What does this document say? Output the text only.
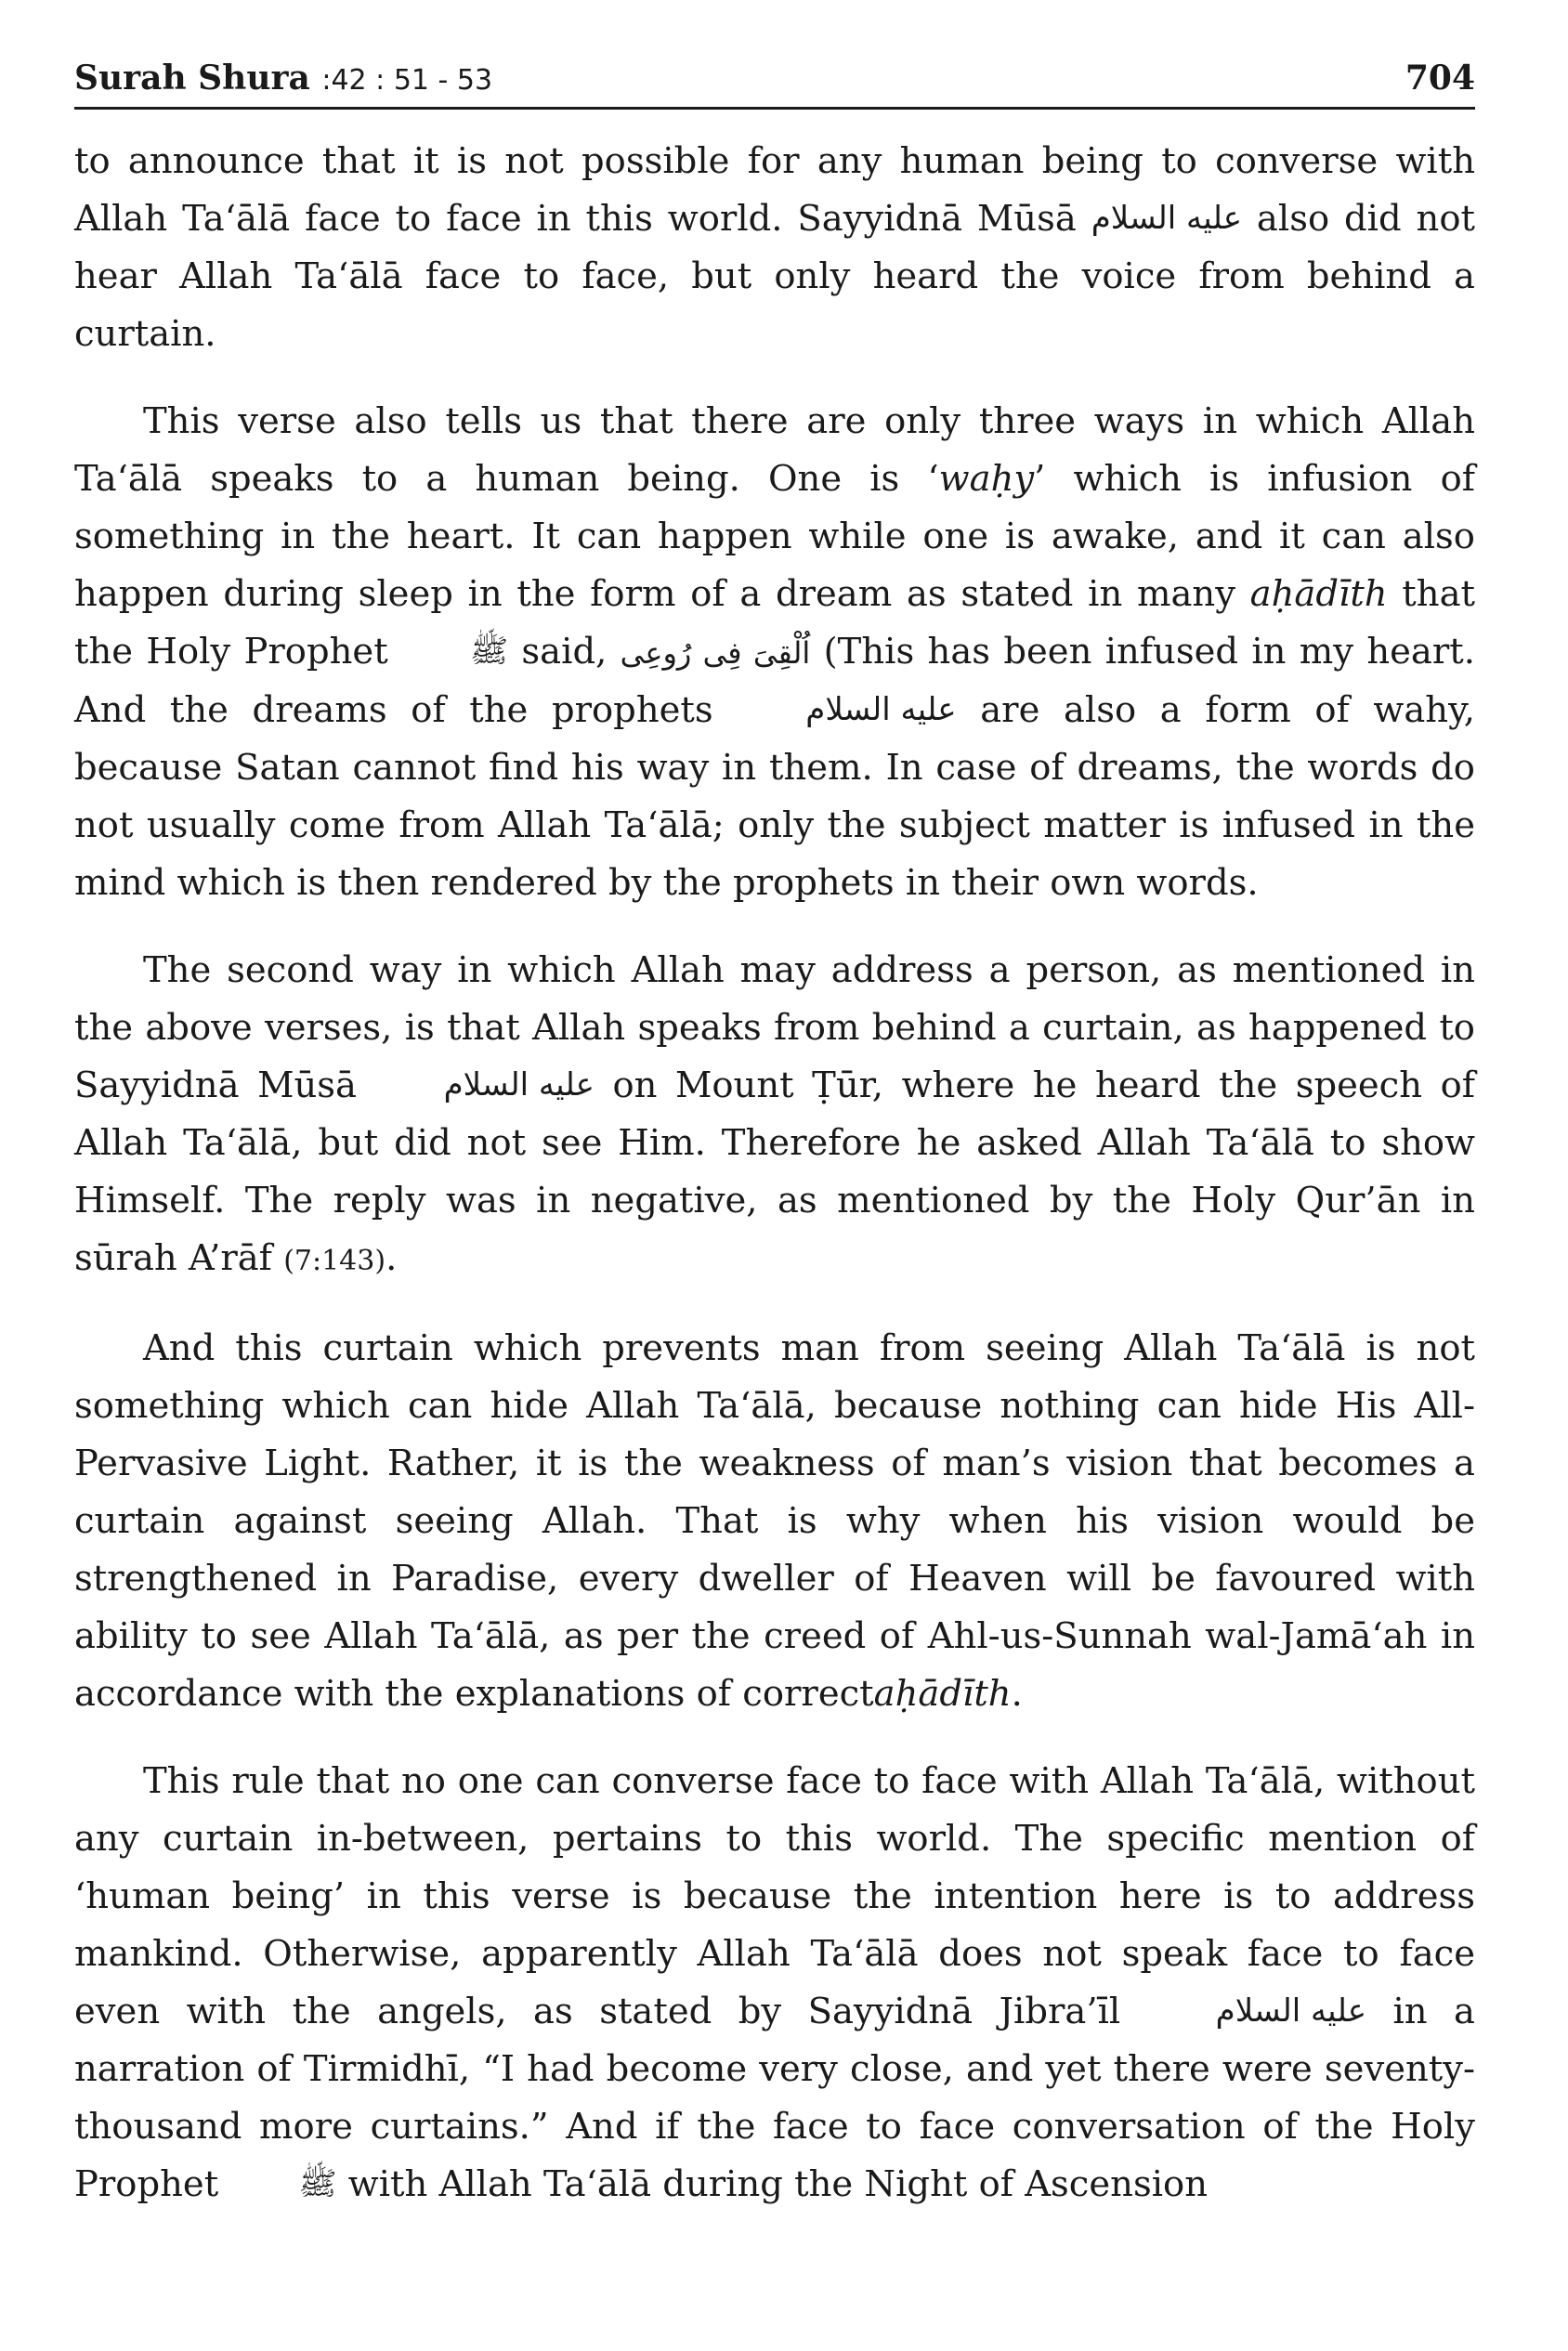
Surah Shura :42 : 51 - 53	704

to announce that it is not possible for any human being to converse with Allah Ta‘ālā face to face in this world. Sayyidnā Mūsā عليه السلام also did not hear Allah Ta‘ālā face to face, but only heard the voice from behind a curtain.

This verse also tells us that there are only three ways in which Allah Ta‘ālā speaks to a human being. One is ‘waḥy’ which is infusion of something in the heart. It can happen while one is awake, and it can also happen during sleep in the form of a dream as stated in many aḥādīth that the Holy Prophet	ﷺ said, اُلْقِیَ فِی رُوعِی (This has been infused in my heart. And the dreams of the prophets	عليه السلام are also a form of wahy, because Satan cannot find his way in them. In case of dreams, the words do not usually come from Allah Ta‘ālā; only the subject matter is infused in the mind which is then rendered by the prophets in their own words.

The second way in which Allah may address a person, as mentioned in the above verses, is that Allah speaks from behind a curtain, as happened to Sayyidnā Mūsā	عليه السلام on Mount Ṭūr, where he heard the speech of Allah Ta‘ālā, but did not see Him. Therefore he asked Allah Ta‘ālā to show Himself. The reply was in negative, as mentioned by the Holy Qur’ān in sūrah A’rāf (7:143).

And this curtain which prevents man from seeing Allah Ta‘ālā is not something which can hide Allah Ta‘ālā, because nothing can hide His All-Pervasive Light. Rather, it is the weakness of man’s vision that becomes a curtain against seeing Allah. That is why when his vision would be strengthened in Paradise, every dweller of Heaven will be favoured with ability to see Allah Ta‘ālā, as per the creed of Ahl-us-Sunnah wal-Jamā‘ah in accordance with the explanations of correctaḥādīth.

This rule that no one can converse face to face with Allah Ta‘ālā, without any curtain in-between, pertains to this world. The specific mention of ‘human being’ in this verse is because the intention here is to address mankind. Otherwise, apparently Allah Ta‘ālā does not speak face to face even with the angels, as stated by Sayyidnā Jibra’īl	عليه السلام in a narration of Tirmidhī, “I had become very close, and yet there were seventy-thousand more curtains.” And if the face to face conversation of the Holy Prophet	ﷺ with Allah Ta‘ālā during the Night of Ascension
